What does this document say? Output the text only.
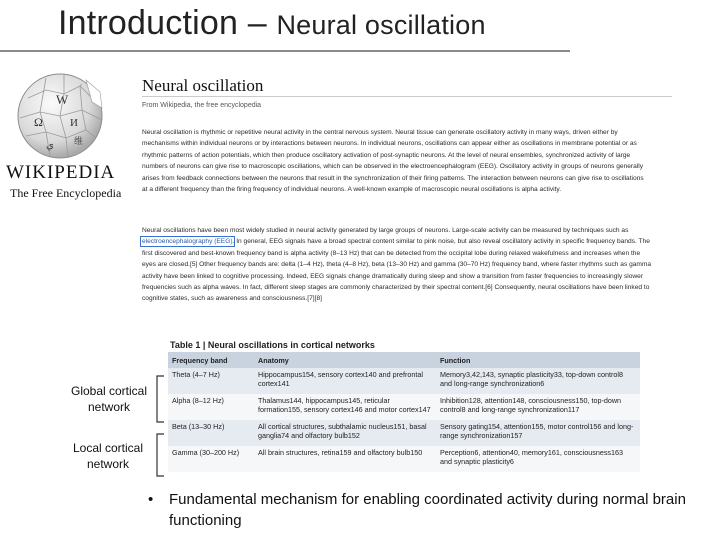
Introduction – Neural oscillation
W
Ω И
ي 维
WIKIPEDIA
The Free Encyclopedia
Neural oscillation
From Wikipedia, the free encyclopedia
Neural oscillation is rhythmic or repetitive neural activity in the central nervous system. Neural tissue can generate oscillatory activity in many ways, driven either by
mechanisms within individual neurons or by interactions between neurons. In individual neurons, oscillations can appear either as oscillations in membrane potential or as
rhythmic patterns of action potentials, which then produce oscillatory activation of post-synaptic neurons. At the level of neural ensembles, synchronized activity of large
numbers of neurons can give rise to macroscopic oscillations, which can be observed in the electroencephalogram (EEG). Oscillatory activity in groups of neurons generally
arises from feedback connections between the neurons that result in the synchronization of their firing patterns. The interaction between neurons can give rise to oscillations
at a different frequency than the firing frequency of individual neurons. A well-known example of macroscopic neural oscillations is alpha activity.
Neural oscillations have been most widely studied in neural activity generated by large groups of neurons. Large-scale activity can be measured by techniques such as
electroencephalography (EEG). In general, EEG signals have a broad spectral content similar to pink noise, but also reveal oscillatory activity in specific frequency bands. The
first discovered and best-known frequency band is alpha activity (8–13 Hz) that can be detected from the occipital lobe during relaxed wakefulness and increases when the
eyes are closed.[5] Other frequency bands are: delta (1–4 Hz), theta (4–8 Hz), beta (13–30 Hz) and gamma (30–70 Hz) frequency band, where faster rhythms such as gamma
activity have been linked to cognitive processing. Indeed, EEG signals change dramatically during sleep and show a transition from faster frequencies to increasingly slower
frequencies such as alpha waves. In fact, different sleep stages are commonly characterized by their spectral content.[6] Consequently, neural oscillations have been linked to
cognitive states, such as awareness and consciousness.[7][8]
Table 1 | Neural oscillations in cortical networks
Frequency band	Anatomy	Function
Theta (4–7 Hz)	Hippocampus154, sensory cortex140 and prefrontal cortex141	Memory3,42,143, synaptic plasticity33, top-down control8 and long-range synchronization6
Alpha (8–12 Hz)	Thalamus144, hippocampus145, reticular formation155, sensory cortex146 and motor cortex147	Inhibition128, attention148, consciousness150, top-down control8 and long-range synchronization117
Beta (13–30 Hz)	All cortical structures, subthalamic nucleus151, basal ganglia74 and olfactory bulb152	Sensory gating154, attention155, motor control156 and long-range synchronization157
Gamma (30–200 Hz)	All brain structures, retina159 and olfactory bulb150	Perception6, attention40, memory161, consciousness163 and synaptic plasticity6
Global cortical network
Local cortical network
•	Fundamental mechanism for enabling coordinated activity during normal brain functioning
